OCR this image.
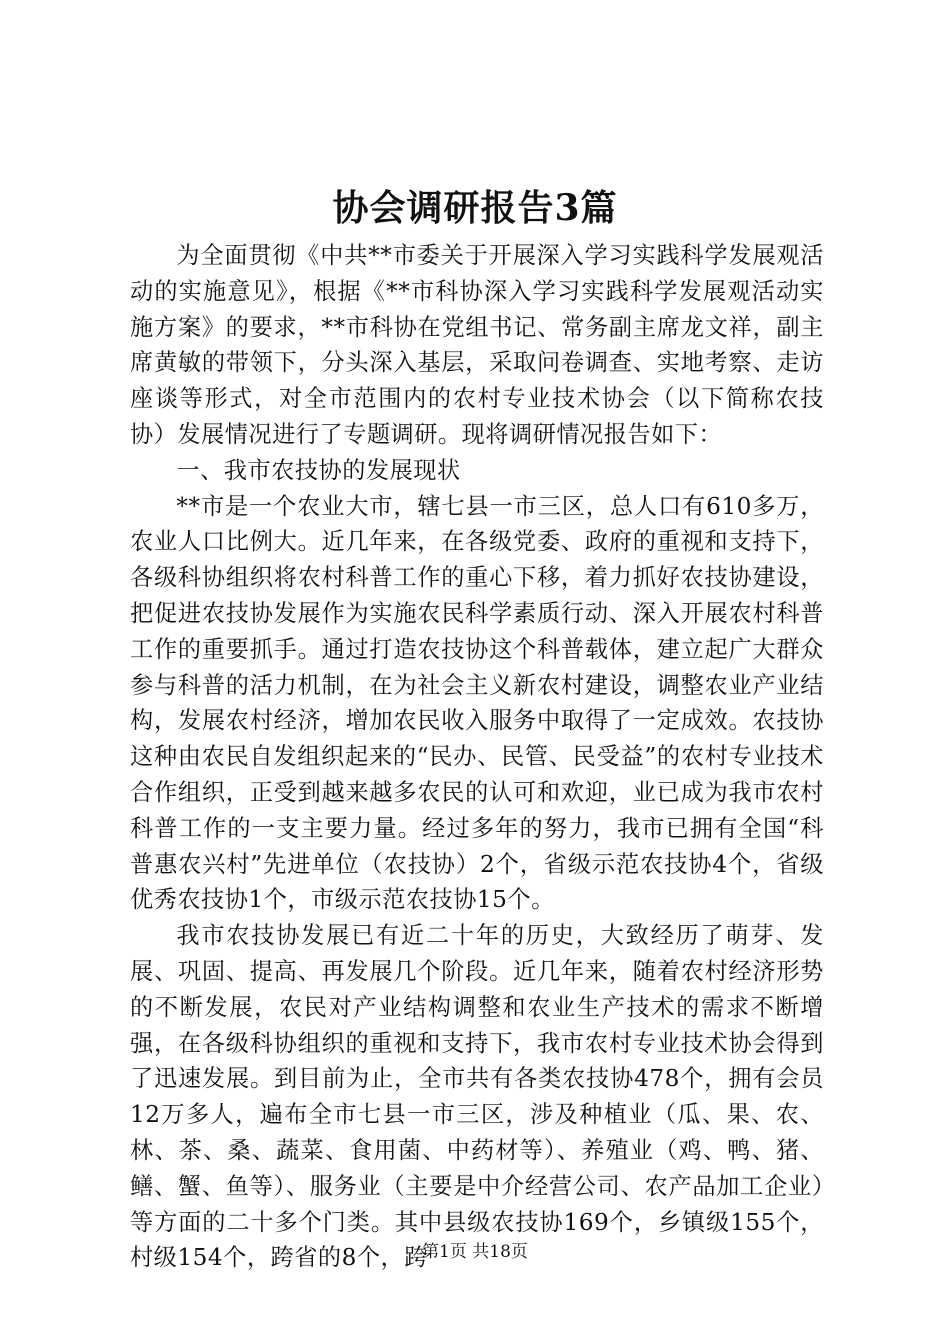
协会调研报告3篇

为全面贯彻《中共**市委关于开展深入学习实践科学发展观活动的实施意见》，根据《**市科协深入学习实践科学发展观活动实施方案》的要求，**市科协在党组书记、常务副主席龙文祥，副主席黄敏的带领下，分头深入基层，采取问卷调查、实地考察、走访座谈等形式，对全市范围内的农村专业技术协会（以下简称农技协）发展情况进行了专题调研。现将调研情况报告如下：

一、我市农技协的发展现状

**市是一个农业大市，辖七县一市三区，总人口有610多万，农业人口比例大。近几年来，在各级党委、政府的重视和支持下，各级科协组织将农村科普工作的重心下移，着力抓好农技协建设，把促进农技协发展作为实施农民科学素质行动、深入开展农村科普工作的重要抓手。通过打造农技协这个科普载体，建立起广大群众参与科普的活力机制，在为社会主义新农村建设，调整农业产业结构，发展农村经济，增加农民收入服务中取得了一定成效。农技协这种由农民自发组织起来的“民办、民管、民受益”的农村专业技术合作组织，正受到越来越多农民的认可和欢迎，业已成为我市农村科普工作的一支主要力量。经过多年的努力，我市已拥有全国“科普惠农兴村”先进单位（农技协）2个，省级示范农技协4个，省级优秀农技协1个，市级示范农技协15个。

我市农技协发展已有近二十年的历史，大致经历了萌芽、发展、巩固、提高、再发展几个阶段。近几年来，随着农村经济形势的不断发展，农民对产业结构调整和农业生产技术的需求不断增强，在各级科协组织的重视和支持下，我市农村专业技术协会得到了迅速发展。到目前为止，全市共有各类农技协478个，拥有会员12万多人，遍布全市七县一市三区，涉及种植业（瓜、果、农、林、茶、桑、蔬菜、食用菌、中药材等）、养殖业（鸡、鸭、猪、鳝、蟹、鱼等）、服务业（主要是中介经营公司、农产品加工企业）等方面的二十多个门类。其中县级农技协169个，乡镇级155个，村级154个，跨省的8个，跨

第1页 共18页
